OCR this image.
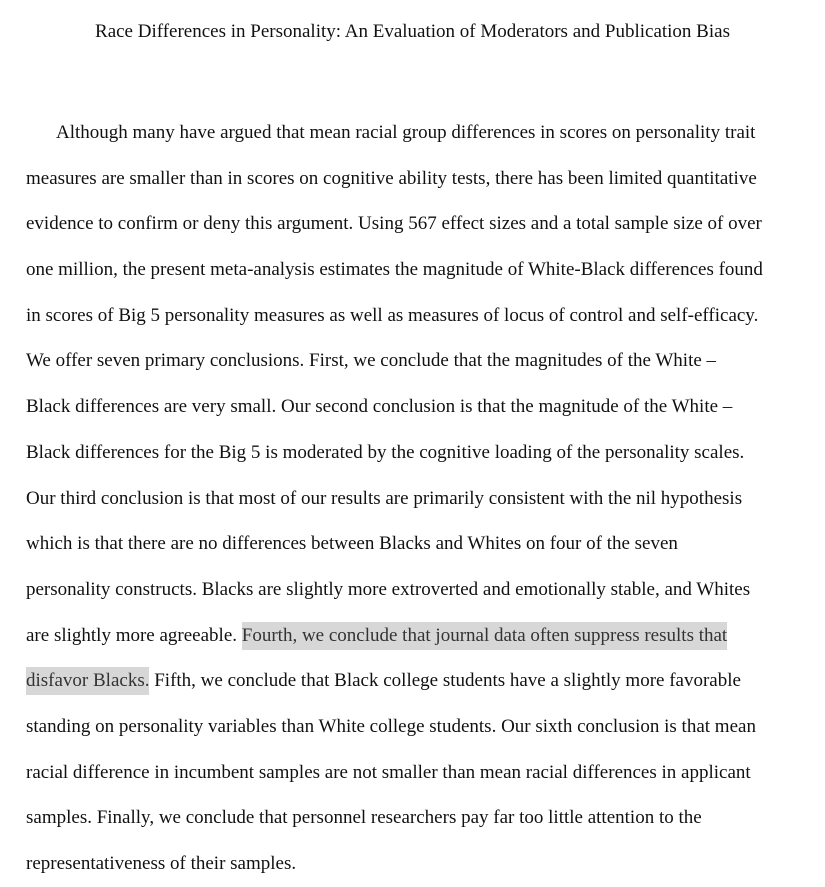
Race Differences in Personality: An Evaluation of Moderators and Publication Bias
Although many have argued that mean racial group differences in scores on personality trait
measures are smaller than in scores on cognitive ability tests, there has been limited quantitative
evidence to confirm or deny this argument. Using 567 effect sizes and a total sample size of over
one million, the present meta-analysis estimates the magnitude of White-Black differences found
in scores of Big 5 personality measures as well as measures of locus of control and self-efficacy.
We offer seven primary conclusions. First, we conclude that the magnitudes of the White –
Black differences are very small. Our second conclusion is that the magnitude of the White –
Black differences for the Big 5 is moderated by the cognitive loading of the personality scales.
Our third conclusion is that most of our results are primarily consistent with the nil hypothesis
which is that there are no differences between Blacks and Whites on four of the seven
personality constructs. Blacks are slightly more extroverted and emotionally stable, and Whites
are slightly more agreeable. Fourth, we conclude that journal data often suppress results that
disfavor Blacks. Fifth, we conclude that Black college students have a slightly more favorable
standing on personality variables than White college students. Our sixth conclusion is that mean
racial difference in incumbent samples are not smaller than mean racial differences in applicant
samples. Finally, we conclude that personnel researchers pay far too little attention to the
representativeness of their samples.
